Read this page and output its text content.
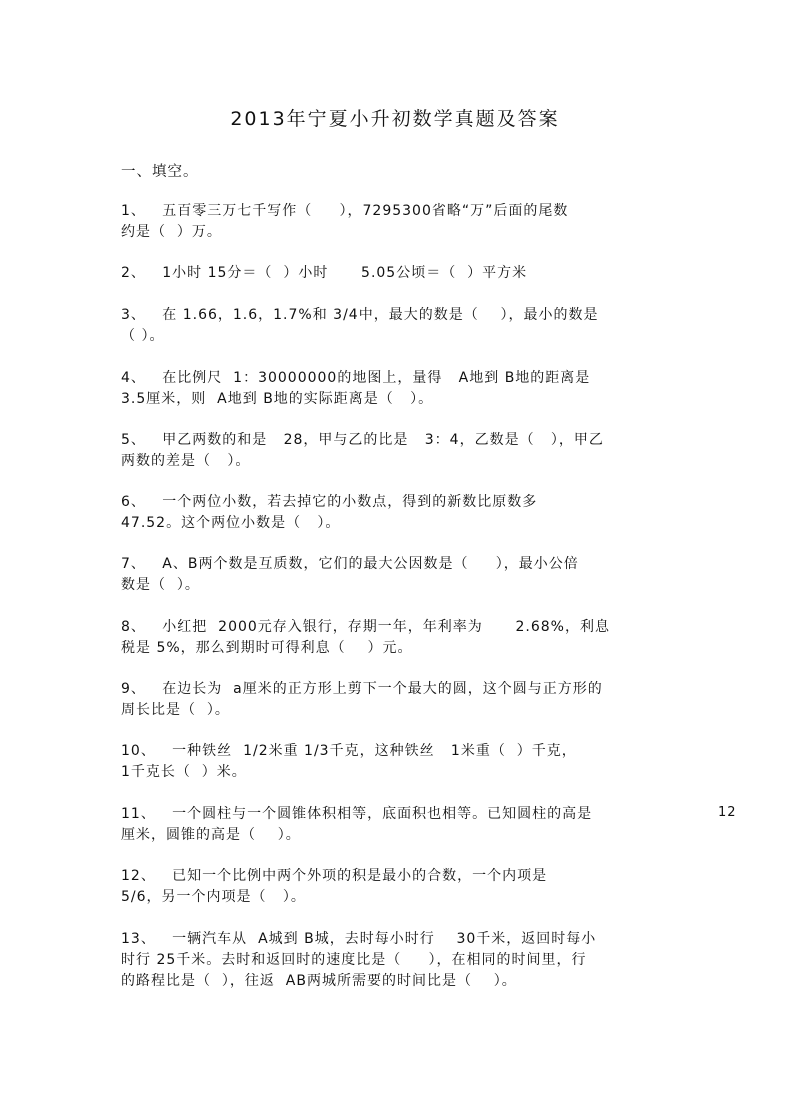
2013年宁夏小升初数学真题及答案
一、填空。
1、   五百零三万七千写作（     ），7295300省略“万”后面的尾数
约是（  ）万。
2、   1小时 15分＝（  ）小时      5.05公顷＝（  ）平方米
3、   在 1.66，1.6，1.7%和 3/4中，最大的数是（    ），最小的数是
（ ）。
4、   在比例尺  1：30000000的地图上，量得   A地到 B地的距离是
3.5厘米，则  A地到 B地的实际距离是（   ）。
5、   甲乙两数的和是   28，甲与乙的比是   3：4，乙数是（   ），甲乙
两数的差是（   ）。
6、   一个两位小数，若去掉它的小数点，得到的新数比原数多
47.52。这个两位小数是（   ）。
7、   A、B两个数是互质数，它们的最大公因数是（     ），最小公倍
数是（  ）。
8、   小红把  2000元存入银行，存期一年，年利率为      2.68%，利息
税是 5%，那么到期时可得利息（    ）元。
9、   在边长为  a厘米的正方形上剪下一个最大的圆，这个圆与正方形的
周长比是（  ）。
10、   一种铁丝  1/2米重 1/3千克，这种铁丝   1米重（  ）千克，
1千克长（  ）米。
11、   一个圆柱与一个圆锥体积相等，底面积也相等。已知圆柱的高是
厘米，圆锥的高是（    ）。
12
12、   已知一个比例中两个外项的积是最小的合数，一个内项是
5/6，另一个内项是（   ）。
13、   一辆汽车从  A城到 B城，去时每小时行    30千米，返回时每小
时行 25千米。去时和返回时的速度比是（     ），在相同的时间里，行
的路程比是（  ），往返  AB两城所需要的时间比是（    ）。
